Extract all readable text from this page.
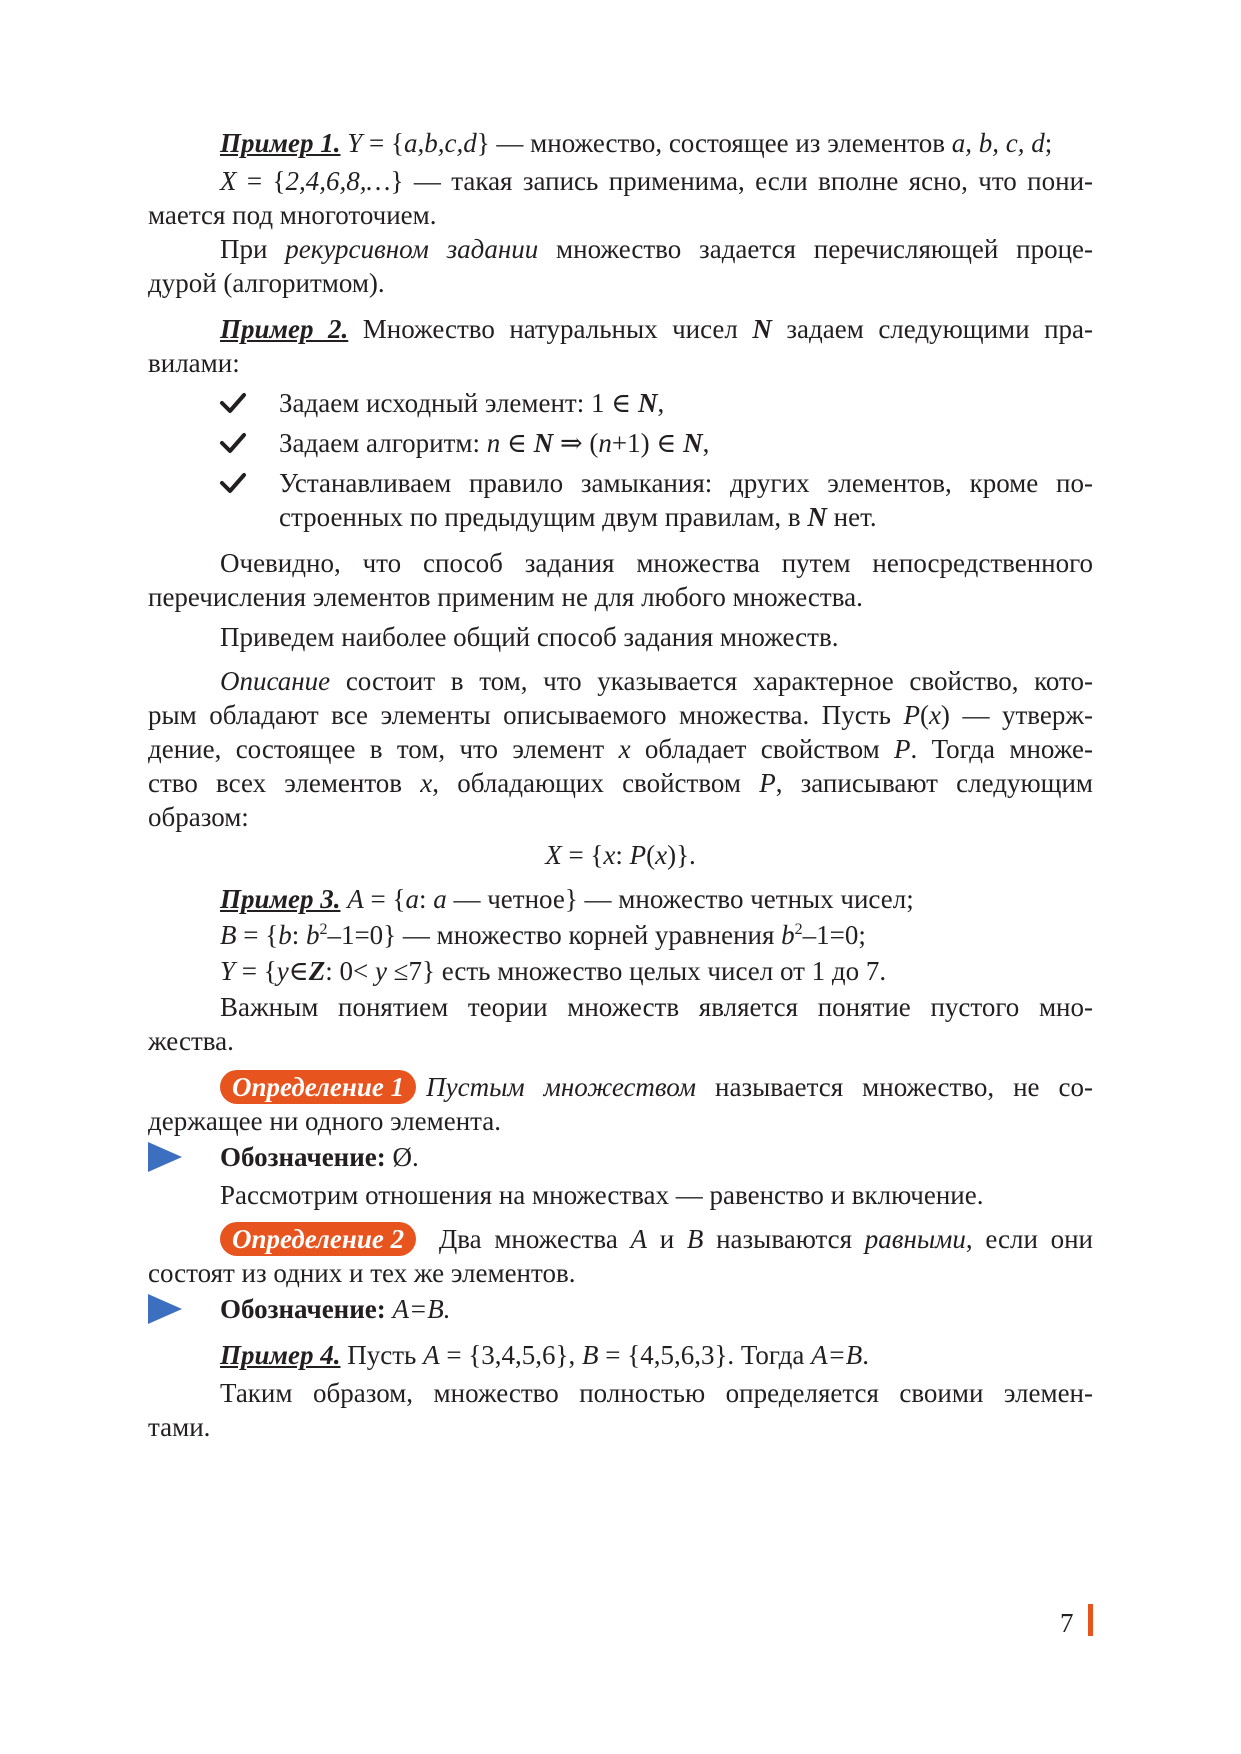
Пример 1. Y = {a,b,c,d} — множество, состоящее из элементов a, b, c, d;

X = {2,4,6,8,…} — такая запись применима, если вполне ясно, что пони-

мается под многоточием.

При рекурсивном задании множество задается перечисляющей проце-

дурой (алгоритмом).

Пример 2. Множество натуральных чисел N задаем следующими пра-

вилами:

Задаем исходный элемент: 1 ∈ N,
Задаем алгоритм: n ∈ N ⇒ (n+1) ∈ N,
Устанавливаем правило замыкания: других элементов, кроме по-
строенных по предыдущим двум правилам, в N нет.

Очевидно, что способ задания множества путем непосредственного

перечисления элементов применим не для любого множества.

Приведем наиболее общий способ задания множеств.

Описание состоит в том, что указывается характерное свойство, кото-

рым обладают все элементы описываемого множества. Пусть P(x) — утверж-

дение, состоящее в том, что элемент x обладает свойством P. Тогда множе-

ство всех элементов x, обладающих свойством P, записывают следующим

образом:

X = {x: P(x)}.

Пример 3. A = {a: a — четное} — множество четных чисел;

B = {b: $b^2-1=0$} — множество корней уравнения $b^2-1=0$;

Y = {y∈Z: 0< y ≤7} есть множество целых чисел от 1 до 7.

Важным понятием теории множеств является понятие пустого мно-

жества.

Определение 1 Пустым множеством называется множество, не со-

держащее ни одного элемента.

Обозначение: Ø.

Рассмотрим отношения на множествах — равенство и включение.

Определение 2 Два множества A и B называются равными, если они

состоят из одних и тех же элементов.

Обозначение: A=B.

Пример 4. Пусть A = {3,4,5,6}, B = {4,5,6,3}. Тогда A=B.

Таким образом, множество полностью определяется своими элемен-

тами.

7
